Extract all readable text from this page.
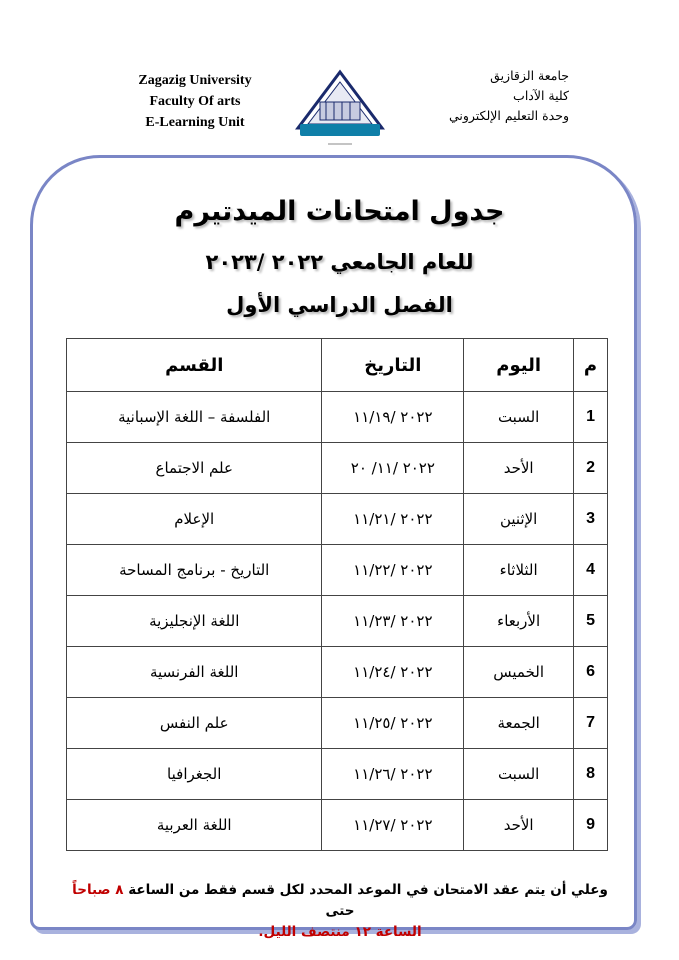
Zagazig University
Faculty Of arts
E-Learning Unit
جامعة الزقازيق
كلية الآداب
وحدة التعليم الإلكتروني
جدول امتحانات الميدتيرم
للعام الجامعي ٢٠٢٢ /٢٠٢٣
الفصل الدراسي الأول
م	اليوم	التاريخ	القسم
1	السبت	٢٠٢٢ /١١/١٩	الفلسفة – اللغة الإسبانية
2	الأحد	٢٠٢٢ /١١/ ٢٠	علم الاجتماع
3	الإثنين	٢٠٢٢ /١١/٢١	الإعلام
4	الثلاثاء	٢٠٢٢ /١١/٢٢	التاريخ - برنامج المساحة
5	الأربعاء	٢٠٢٢ /١١/٢٣	اللغة الإنجليزية
6	الخميس	٢٠٢٢ /١١/٢٤	اللغة الفرنسية
7	الجمعة	٢٠٢٢ /١١/٢٥	علم النفس
8	السبت	٢٠٢٢ /١١/٢٦	الجغرافيا
9	الأحد	٢٠٢٢ /١١/٢٧	اللغة العربية
وعلي أن يتم عقد الامتحان في الموعد المحدد لكل قسم فقط من الساعة ٨ صباحاً حتى
الساعة ١٢ منتصف الليل.
